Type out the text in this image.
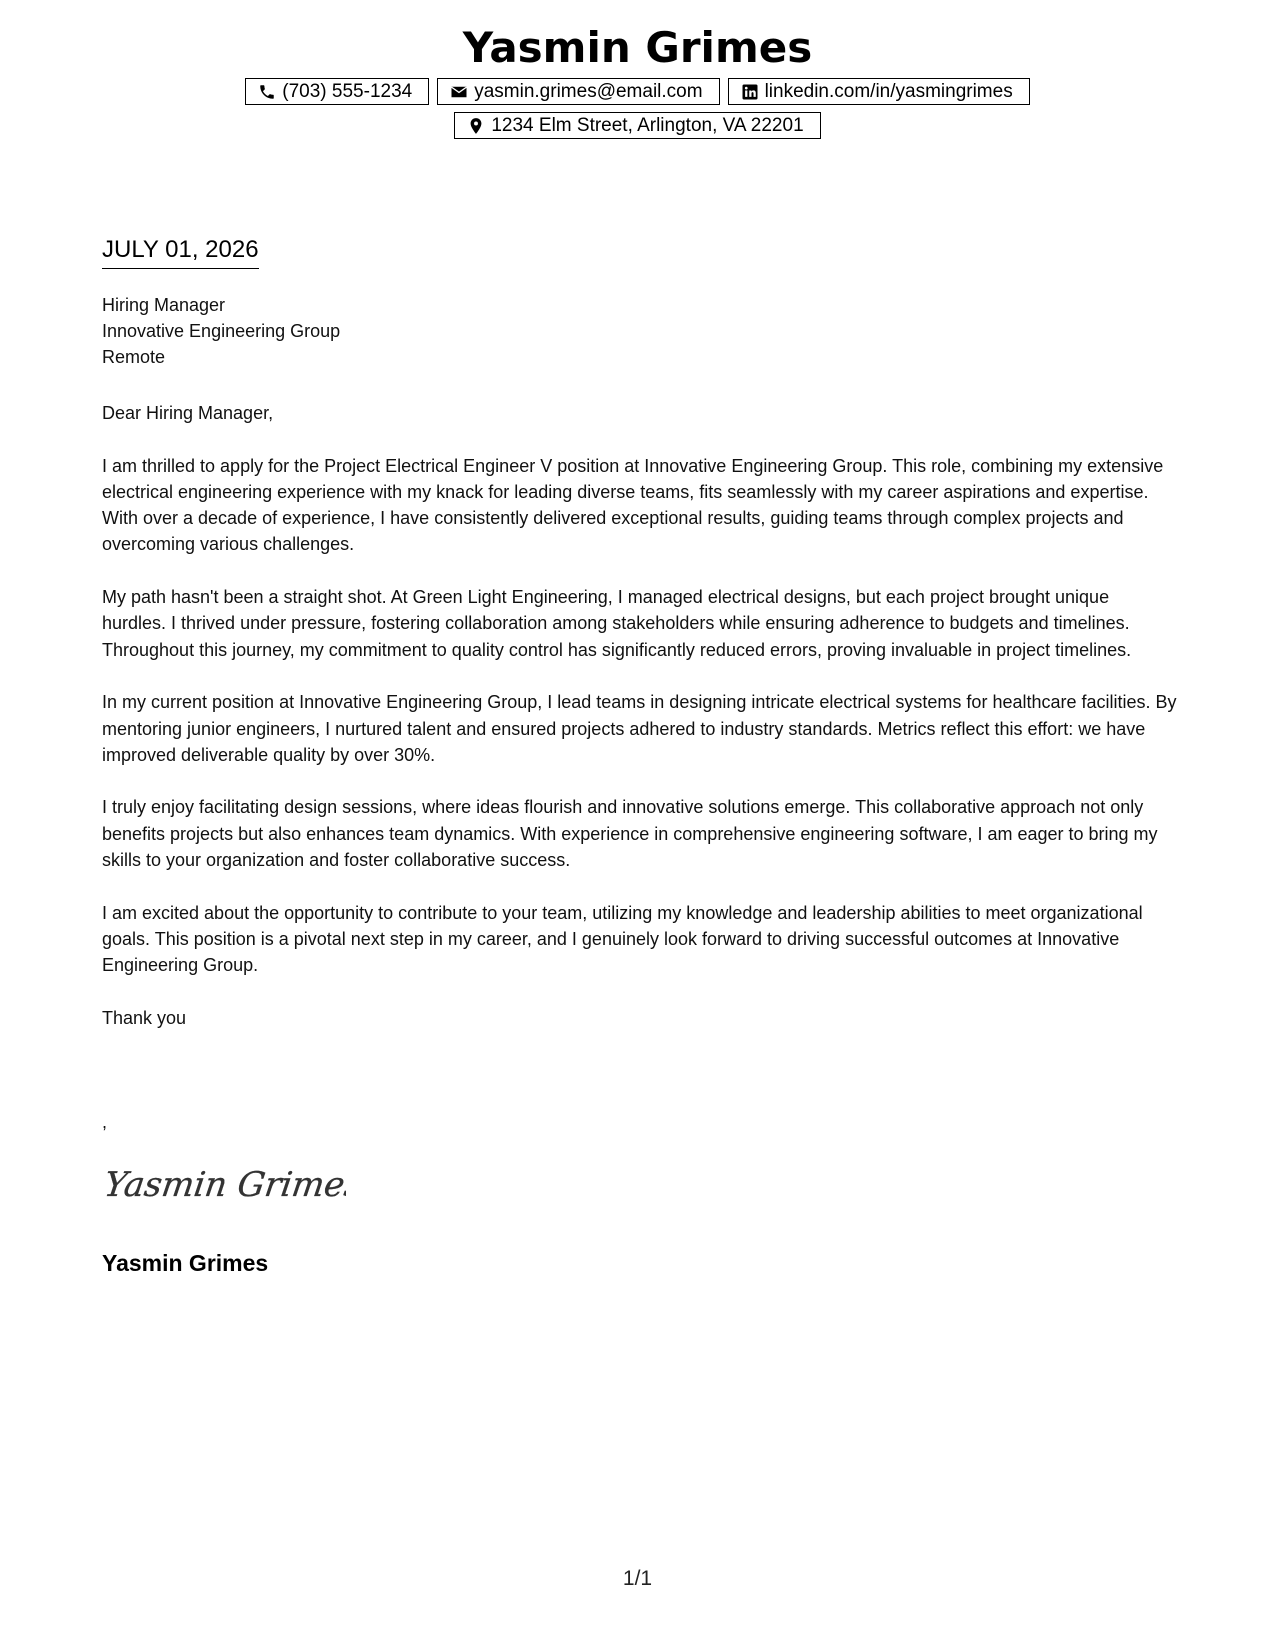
Yasmin Grimes
(703) 555-1234	yasmin.grimes@email.com	linkedin.com/in/yasmingrimes
1234 Elm Street, Arlington, VA 22201
JULY 01, 2026
Hiring Manager
Innovative Engineering Group
Remote

Dear Hiring Manager,

I am thrilled to apply for the Project Electrical Engineer V position at Innovative Engineering Group. This role, combining my extensive electrical engineering experience with my knack for leading diverse teams, fits seamlessly with my career aspirations and expertise. With over a decade of experience, I have consistently delivered exceptional results, guiding teams through complex projects and overcoming various challenges.

My path hasn't been a straight shot. At Green Light Engineering, I managed electrical designs, but each project brought unique hurdles. I thrived under pressure, fostering collaboration among stakeholders while ensuring adherence to budgets and timelines. Throughout this journey, my commitment to quality control has significantly reduced errors, proving invaluable in project timelines.

In my current position at Innovative Engineering Group, I lead teams in designing intricate electrical systems for healthcare facilities. By mentoring junior engineers, I nurtured talent and ensured projects adhered to industry standards. Metrics reflect this effort: we have improved deliverable quality by over 30%.

I truly enjoy facilitating design sessions, where ideas flourish and innovative solutions emerge. This collaborative approach not only benefits projects but also enhances team dynamics. With experience in comprehensive engineering software, I am eager to bring my skills to your organization and foster collaborative success.

I am excited about the opportunity to contribute to your team, utilizing my knowledge and leadership abilities to meet organizational goals. This position is a pivotal next step in my career, and I genuinely look forward to driving successful outcomes at Innovative Engineering Group.

Thank you

,
Yasmin Grimes
Yasmin Grimes
1/1
